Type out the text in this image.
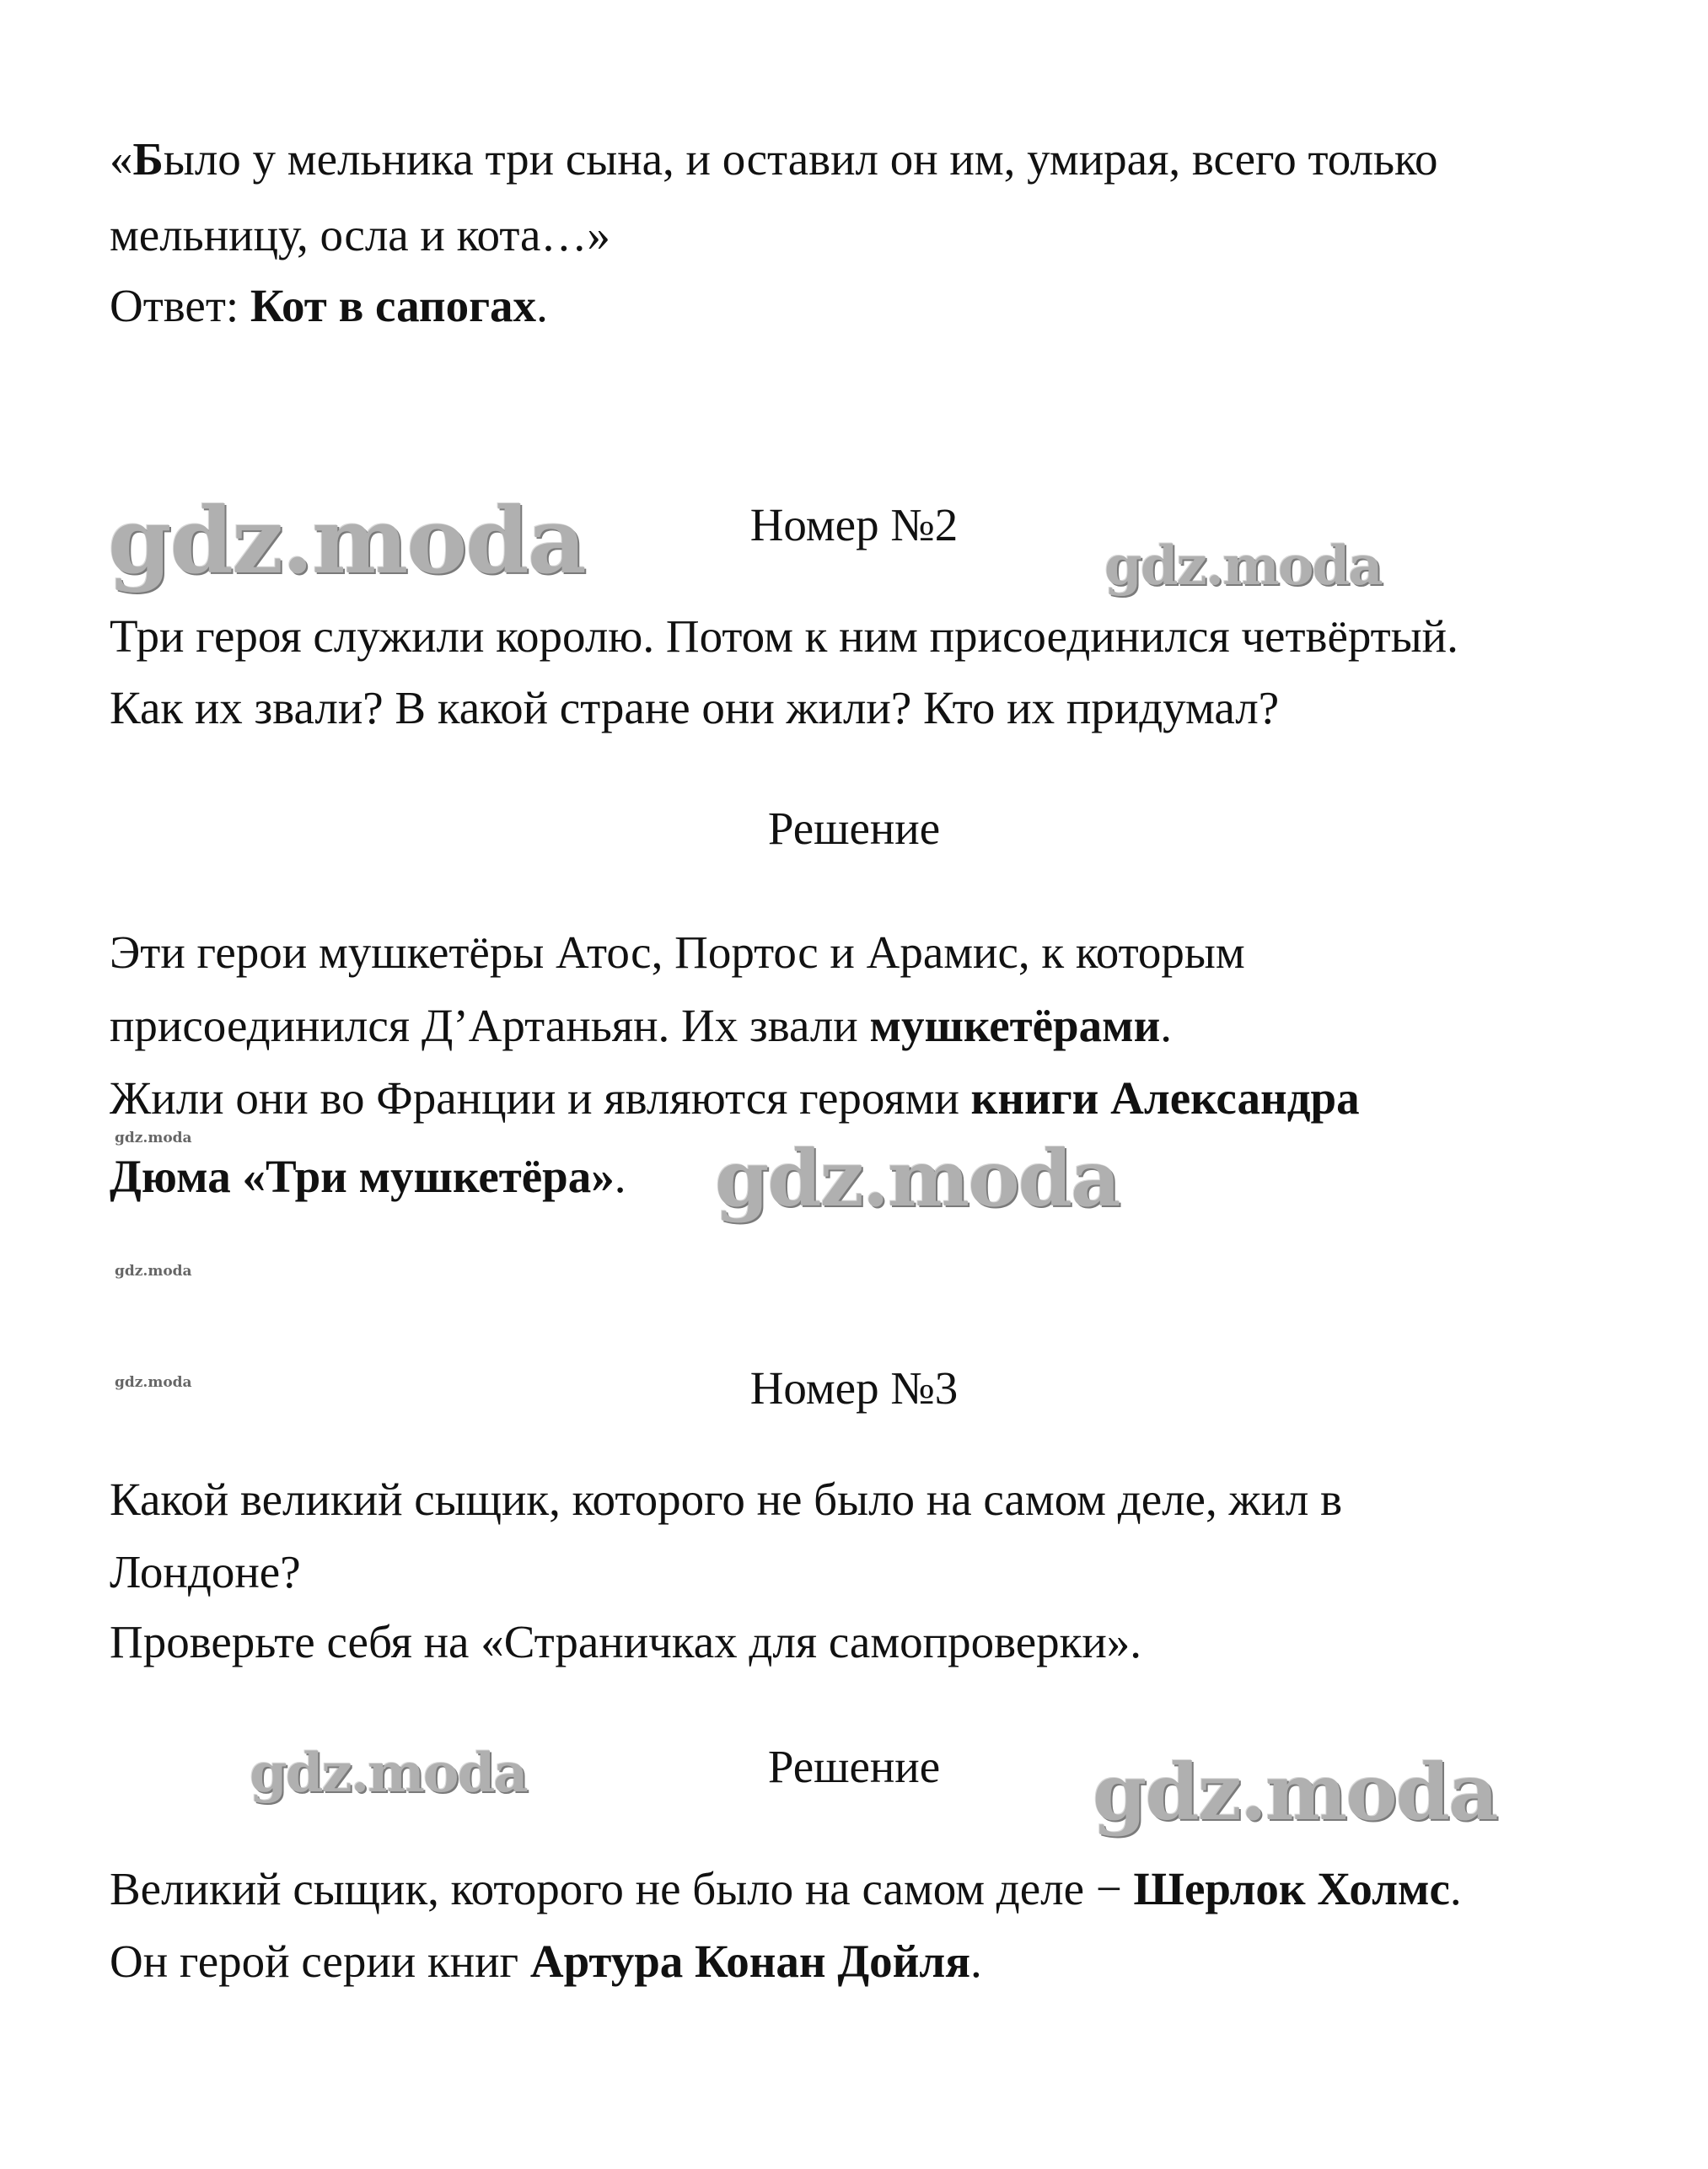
«Было у мельника три сына, и оставил он им, умирая, всего только

мельницу, осла и кота…»

Ответ: Кот в сапогах.

Номер №2

Три героя служили королю. Потом к ним присоединился четвёртый.

Как их звали? В какой стране они жили? Кто их придумал?

Решение

Эти герои мушкетёры Атос, Портос и Арамис, к которым

присоединился Д’Артаньян. Их звали мушкетёрами.

Жили они во Франции и являются героями книги Александра

Дюма «Три мушкетёра».

Номер №3

Какой великий сыщик, которого не было на самом деле, жил в

Лондоне?

Проверьте себя на «Страничках для самопроверки».

Решение

Великий сыщик, которого не было на самом деле − Шерлок Холмс.

Он герой серии книг Артура Конан Дойля.

gdz.moda	gdz.moda
gdz.moda	gdz.moda
gdz.moda
gdz.moda
gdz.moda	gdz.moda
